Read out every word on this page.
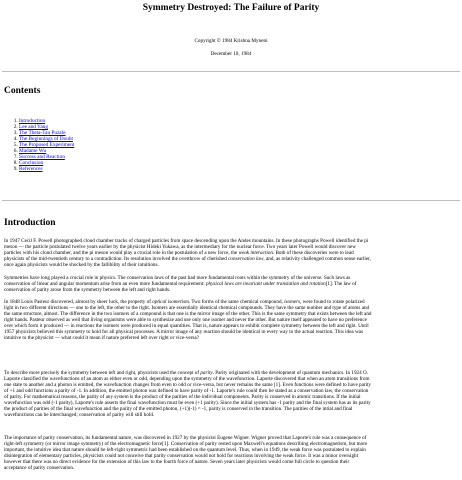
Symmetry Destroyed: The Failure of Parity
Copyright © 1984 Krishna Myneni
December 10, 1984
Contents
1. Introduction
2. Lee and Yang
3. The Theta-Tau Puzzle
4. The Beginnings of Doubt
5. The Proposed Experiment
6. Madame Wu
7. Success and Reaction
8. Conclusion
9. References
Introduction

In 1947 Cecil F. Powell photographed cloud chamber tracks of charged particles from space descending upon the Andes mountains. In these photographs Powell identified the pi
meson — the particle postulated twelve years earlier by the physicist Hideki Yukawa, as the intermediary for the nuclear force. Two years later Powell would discover new
particles with his cloud chamber, and the pi meson would play a crucial role in the postulation of a new force, the weak interaction. Both of these discoveries were to lead
physicists of the mid-twentieth century to a contradiction. Its resolution involved the overthrow of cherished conservation law, and, as relativity challenged common sense earlier,
once again physicists would be shocked by the fallibility of their intuitions.

Symmetries have long played a crucial role in physics. The conservation laws of the past had more fundamental roots within the symmetry of the universe. Such laws as
conservation of linear and angular momentum arise from an even more fundamental requirement: physical laws are invariant under translation and rotation[1]. The law of
conservation of parity arose from the symmetry between the left and right hands.

In 1848 Louis Pasteur discovered, almost by sheer luck, the property of optical isomerism. Two forms of the same chemical compound, isomers, were found to rotate polarized
light in two different directions — one to the left, the other to the right. Isomers are essentially identical chemical compounds. They have the same number and type of atoms and
the same structure, almost. The difference in the two isomers of a compound is that one is the mirror image of the other. This is the same symmetry that exists between the left and
right hands. Pasteur observed as well that living organisms were able to synthesize and use only one isomer and never the other. But nature itself appeared to have no preference
over which form it produced — in reactions the isomers were produced in equal quantities. That is, nature appears to exhibit complete symmetry between the left and right. Until
1957 physicists believed this symmetry to hold for all physical processes. A mirror image of any reaction should be identical in every way to the actual reaction. This idea was
intuitive to the physicist — what could it mean if nature preferred left over right or vice-versa?

To describe more precisely the symmetry between left and right, physicists used the concept of parity. Parity originated with the development of quantum mechanics. In 1924 O.
Laporte classified the wavefunctions of an atom as either even or odd, depending upon the symmetry of the wavefunction. Laporte discovered that when an atom transitions from
one state to another and a photon is emitted, the wavefunction changes from even to odd or vice-versa, but never remains the same [1]. Even functions were defined to have parity
of +1 and odd functions a parity of -1. In addition, the emitted photon was defined to have parity of -1. Laporte's rule could then be stated as a conservation law, the conservation
of parity. For mathematical reasons, the parity of any system is the product of the parities of the individual components. Parity is conserved in atomic transitions. If the initial
wavefunction was odd (-1 parity), Laporte's rule asserts the final wavefunction must be even (+1 parity). Since the initial system has -1 parity and the final system has as its parity
the product of parities of the final wavefunction and the parity of the emitted photon, (+1)(-1) = -1, parity is conserved in the transition. The parities of the intial and final
wavefunctions can be interchanged; conservation of parity will still hold.

The importance of parity conservation, its fundamental nature, was discovered in 1927 by the physicist Eugene Wigner. Wigner proved that Laporte's rule was a consequence of
right-left symmetry (or mirror image symmetry) of the electromagnetic force[1]. Conservation of parity rested upon Maxwell's equations describing electromagnetism, but more
important, the intuitive idea that nature should be left-right symmetric had been established on the quantum level. Thus, when in 1949, the weak force was postulated to explain
disintegration of elementary particles, physicists could not conceive that parity conservation would not hold for reactions involving the weak force. It was a minor oversight
however that there was no direct evidence for the extension of this law to the fourth force of nature. Seven years later physicists would come full circle to question their
acceptance of parity conservation.
